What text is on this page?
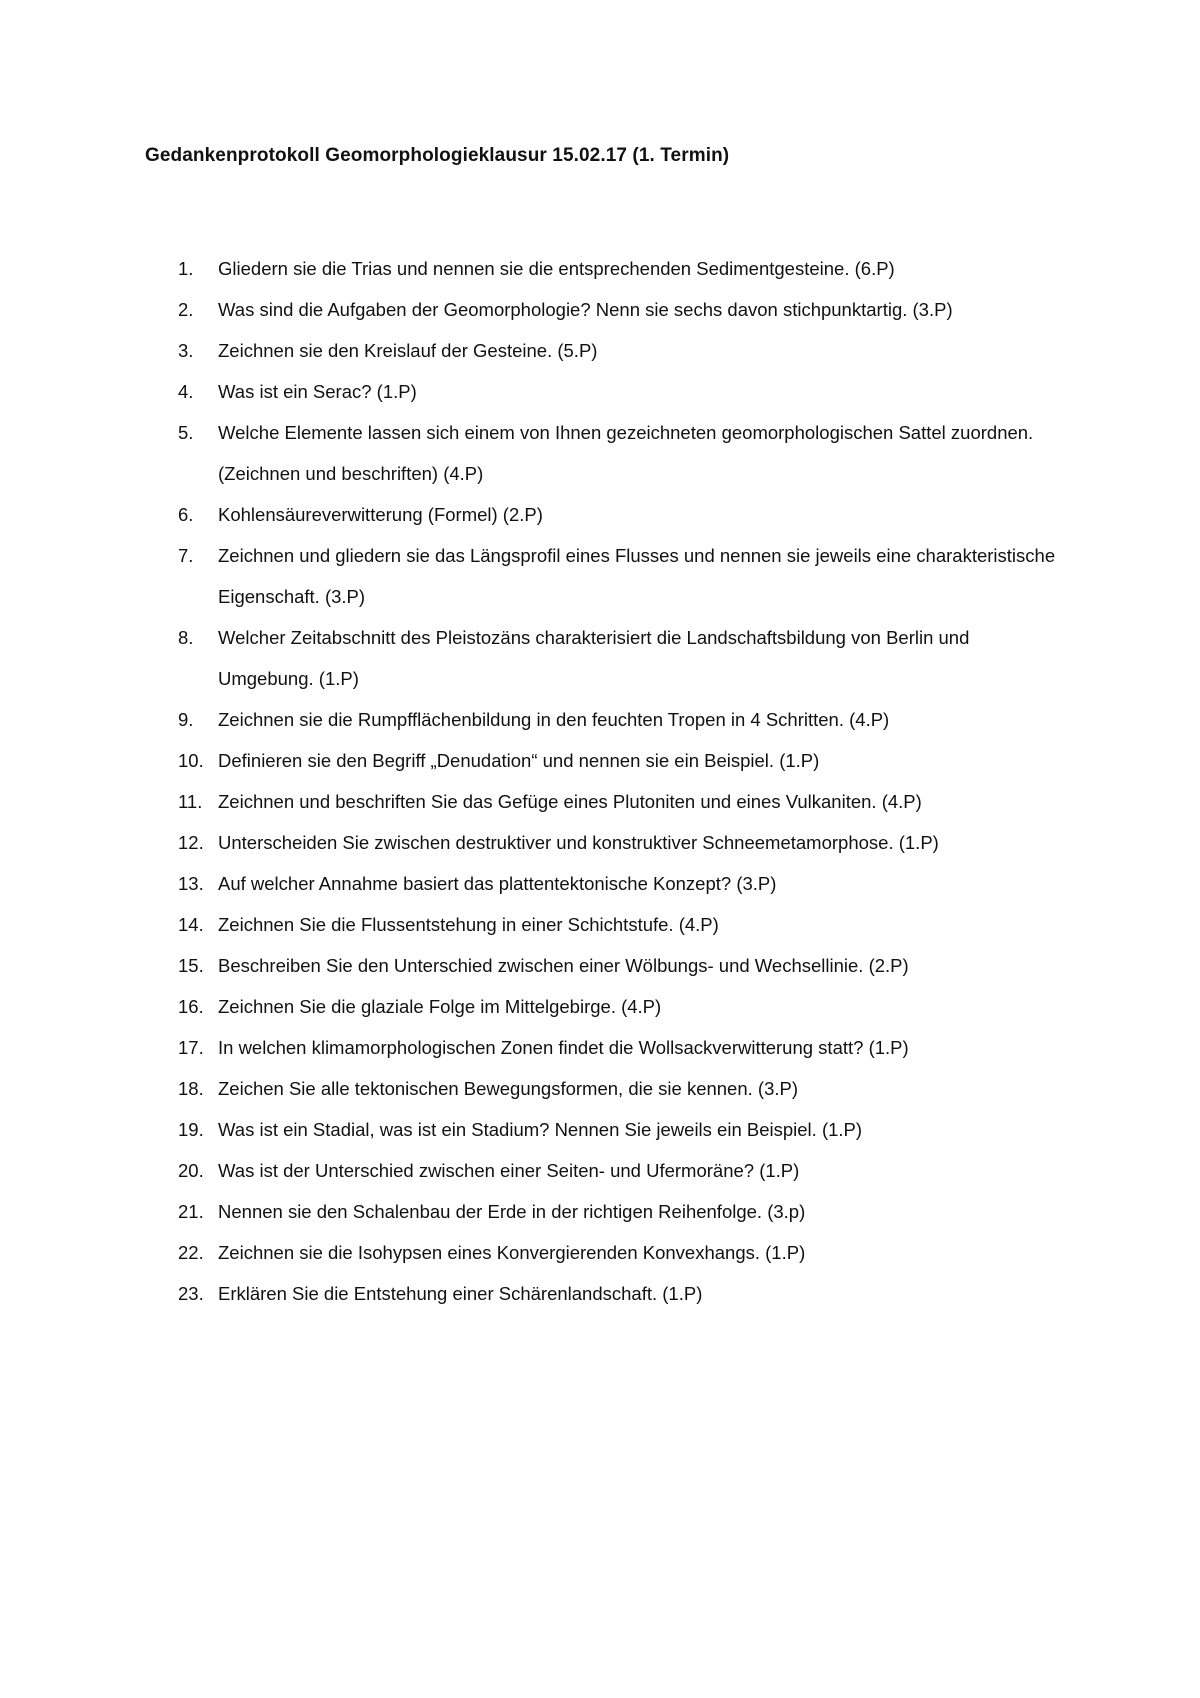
Gedankenprotokoll Geomorphologieklausur 15.02.17 (1. Termin)
1.	Gliedern sie die Trias und nennen sie die entsprechenden Sedimentgesteine. (6.P)
2.	Was sind die Aufgaben der Geomorphologie? Nenn sie sechs davon stichpunktartig. (3.P)
3.	Zeichnen sie den Kreislauf der Gesteine. (5.P)
4.	Was ist ein Serac? (1.P)
5.	Welche Elemente lassen sich einem von Ihnen gezeichneten geomorphologischen Sattel zuordnen. (Zeichnen und beschriften) (4.P)
6.	Kohlensäureverwitterung (Formel) (2.P)
7.	Zeichnen und gliedern sie das Längsprofil eines Flusses und nennen sie jeweils eine charakteristische Eigenschaft. (3.P)
8.	Welcher Zeitabschnitt des Pleistozäns charakterisiert die Landschaftsbildung von Berlin und Umgebung. (1.P)
9.	Zeichnen sie die Rumpfflächenbildung in den feuchten Tropen in 4 Schritten. (4.P)
10. Definieren sie den Begriff „Denudation“ und nennen sie ein Beispiel. (1.P)
11. Zeichnen und beschriften Sie das Gefüge eines Plutoniten und eines Vulkaniten. (4.P)
12. Unterscheiden Sie zwischen destruktiver und konstruktiver Schneemetamorphose. (1.P)
13. Auf welcher Annahme basiert das plattentektonische Konzept? (3.P)
14. Zeichnen Sie die Flussentstehung in einer Schichtstufe. (4.P)
15. Beschreiben Sie den Unterschied zwischen einer Wölbungs- und Wechsellinie. (2.P)
16. Zeichnen Sie die glaziale Folge im Mittelgebirge. (4.P)
17. In welchen klimamorphologischen Zonen findet die Wollsackverwitterung statt? (1.P)
18. Zeichen Sie alle tektonischen Bewegungsformen, die sie kennen. (3.P)
19. Was ist ein Stadial, was ist ein Stadium? Nennen Sie jeweils ein Beispiel. (1.P)
20. Was ist der Unterschied zwischen einer Seiten- und Ufermoräne? (1.P)
21. Nennen sie den Schalenbau der Erde in der richtigen Reihenfolge. (3.p)
22. Zeichnen sie die Isohypsen eines Konvergierenden Konvexhangs. (1.P)
23. Erklären Sie die Entstehung einer Schärenlandschaft. (1.P)
